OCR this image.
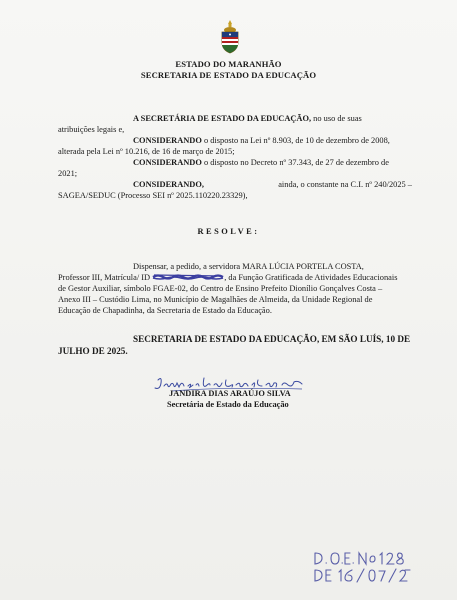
ESTADO DO MARANHÃO
SECRETARIA DE ESTADO DA EDUCAÇÃO
A SECRETÁRIA DE ESTADO DA EDUCAÇÃO, no uso de suas
atribuições legais e,
CONSIDERANDO o disposto na Lei nº 8.903, de 10 de dezembro de 2008,
alterada pela Lei nº 10.216, de 16 de março de 2015;
CONSIDERANDO o disposto no Decreto nº 37.343, de 27 de dezembro de
2021;
CONSIDERANDO,	ainda, o constante na C.I. nº 240/2025 –
SAGEA/SEDUC (Processo SEI nº 2025.110220.23329),
RESOLVE:
Dispensar, a pedido, a servidora MARA LÚCIA PORTELA COSTA,
Professor III, Matrícula/ ID	, da Função Gratificada de Atividades Educacionais
de Gestor Auxiliar, símbolo FGAE-02, do Centro de Ensino Prefeito Dionílio Gonçalves Costa –
Anexo III – Custódio Lima, no Município de Magalhães de Almeida, da Unidade Regional de
Educação de Chapadinha, da Secretaria de Estado da Educação.
SECRETARIA DE ESTADO DA EDUCAÇÃO, EM SÃO LUÍS, 10 DE
JULHO DE 2025.
JANDIRA DIAS ARAÚJO SILVA
Secretária de Estado da Educação
